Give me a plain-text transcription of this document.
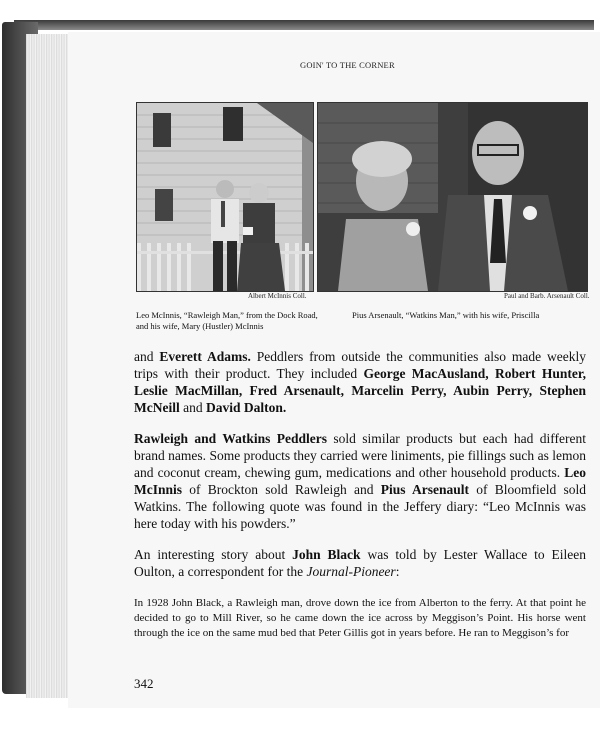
GOIN' TO THE CORNER
Albert McInnis Coll.	Paul and Barb. Arsenault Coll.
Leo McInnis, “Rawleigh Man,” from the Dock Road, and his wife, Mary (Hustler) McInnis
Pius Arsenault, “Watkins Man,” with his wife, Priscilla
and Everett Adams. Peddlers from outside the communities also made weekly trips with their product. They included George MacAusland, Robert Hunter, Leslie MacMillan, Fred Arsenault, Marcelin Perry, Aubin Perry, Stephen McNeill and David Dalton.
Rawleigh and Watkins Peddlers sold similar products but each had different brand names. Some products they carried were liniments, pie fillings such as lemon and coconut cream, chewing gum, medications and other household products. Leo McInnis of Brockton sold Rawleigh and Pius Arsenault of Bloomfield sold Watkins. The following quote was found in the Jeffery diary: “Leo McInnis was here today with his powders.”
An interesting story about John Black was told by Lester Wallace to Eileen Oulton, a correspondent for the Journal-Pioneer:
In 1928 John Black, a Rawleigh man, drove down the ice from Alberton to the ferry. At that point he decided to go to Mill River, so he came down the ice across by Meggison’s Point. His horse went through the ice on the same mud bed that Peter Gillis got in years before. He ran to Meggison’s for
342
